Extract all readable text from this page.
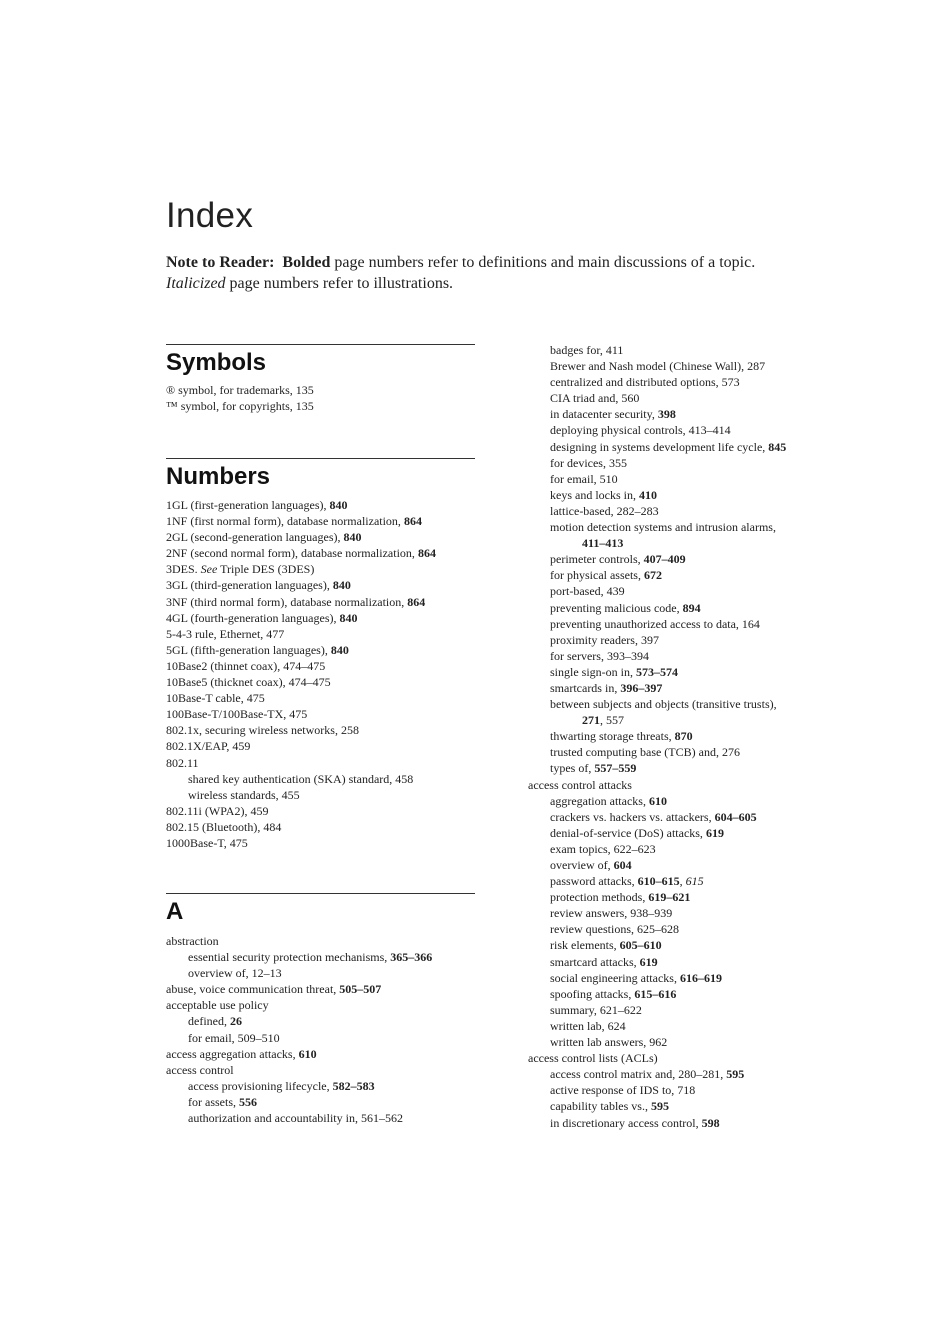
Index
Note to Reader: Bolded page numbers refer to definitions and main discussions of a topic.
Italicized page numbers refer to illustrations.
Symbols
® symbol, for trademarks, 135
™ symbol, for copyrights, 135
Numbers
1GL (first-generation languages), 840
1NF (first normal form), database normalization, 864
2GL (second-generation languages), 840
2NF (second normal form), database normalization, 864
3DES. See Triple DES (3DES)
3GL (third-generation languages), 840
3NF (third normal form), database normalization, 864
4GL (fourth-generation languages), 840
5-4-3 rule, Ethernet, 477
5GL (fifth-generation languages), 840
10Base2 (thinnet coax), 474–475
10Base5 (thicknet coax), 474–475
10Base-T cable, 475
100Base-T/100Base-TX, 475
802.1x, securing wireless networks, 258
802.1X/EAP, 459
802.11
shared key authentication (SKA) standard, 458
wireless standards, 455
802.11i (WPA2), 459
802.15 (Bluetooth), 484
1000Base-T, 475
A
abstraction
essential security protection mechanisms, 365–366
overview of, 12–13
abuse, voice communication threat, 505–507
acceptable use policy
defined, 26
for email, 509–510
access aggregation attacks, 610
access control
access provisioning lifecycle, 582–583
for assets, 556
authorization and accountability in, 561–562
badges for, 411
Brewer and Nash model (Chinese Wall), 287
centralized and distributed options, 573
CIA triad and, 560
in datacenter security, 398
deploying physical controls, 413–414
designing in systems development life cycle, 845
for devices, 355
for email, 510
keys and locks in, 410
lattice-based, 282–283
motion detection systems and intrusion alarms,
411–413
perimeter controls, 407–409
for physical assets, 672
port-based, 439
preventing malicious code, 894
preventing unauthorized access to data, 164
proximity readers, 397
for servers, 393–394
single sign-on in, 573–574
smartcards in, 396–397
between subjects and objects (transitive trusts),
271, 557
thwarting storage threats, 870
trusted computing base (TCB) and, 276
types of, 557–559
access control attacks
aggregation attacks, 610
crackers vs. hackers vs. attackers, 604–605
denial-of-service (DoS) attacks, 619
exam topics, 622–623
overview of, 604
password attacks, 610–615, 615
protection methods, 619–621
review answers, 938–939
review questions, 625–628
risk elements, 605–610
smartcard attacks, 619
social engineering attacks, 616–619
spoofing attacks, 615–616
summary, 621–622
written lab, 624
written lab answers, 962
access control lists (ACLs)
access control matrix and, 280–281, 595
active response of IDS to, 718
capability tables vs., 595
in discretionary access control, 598
